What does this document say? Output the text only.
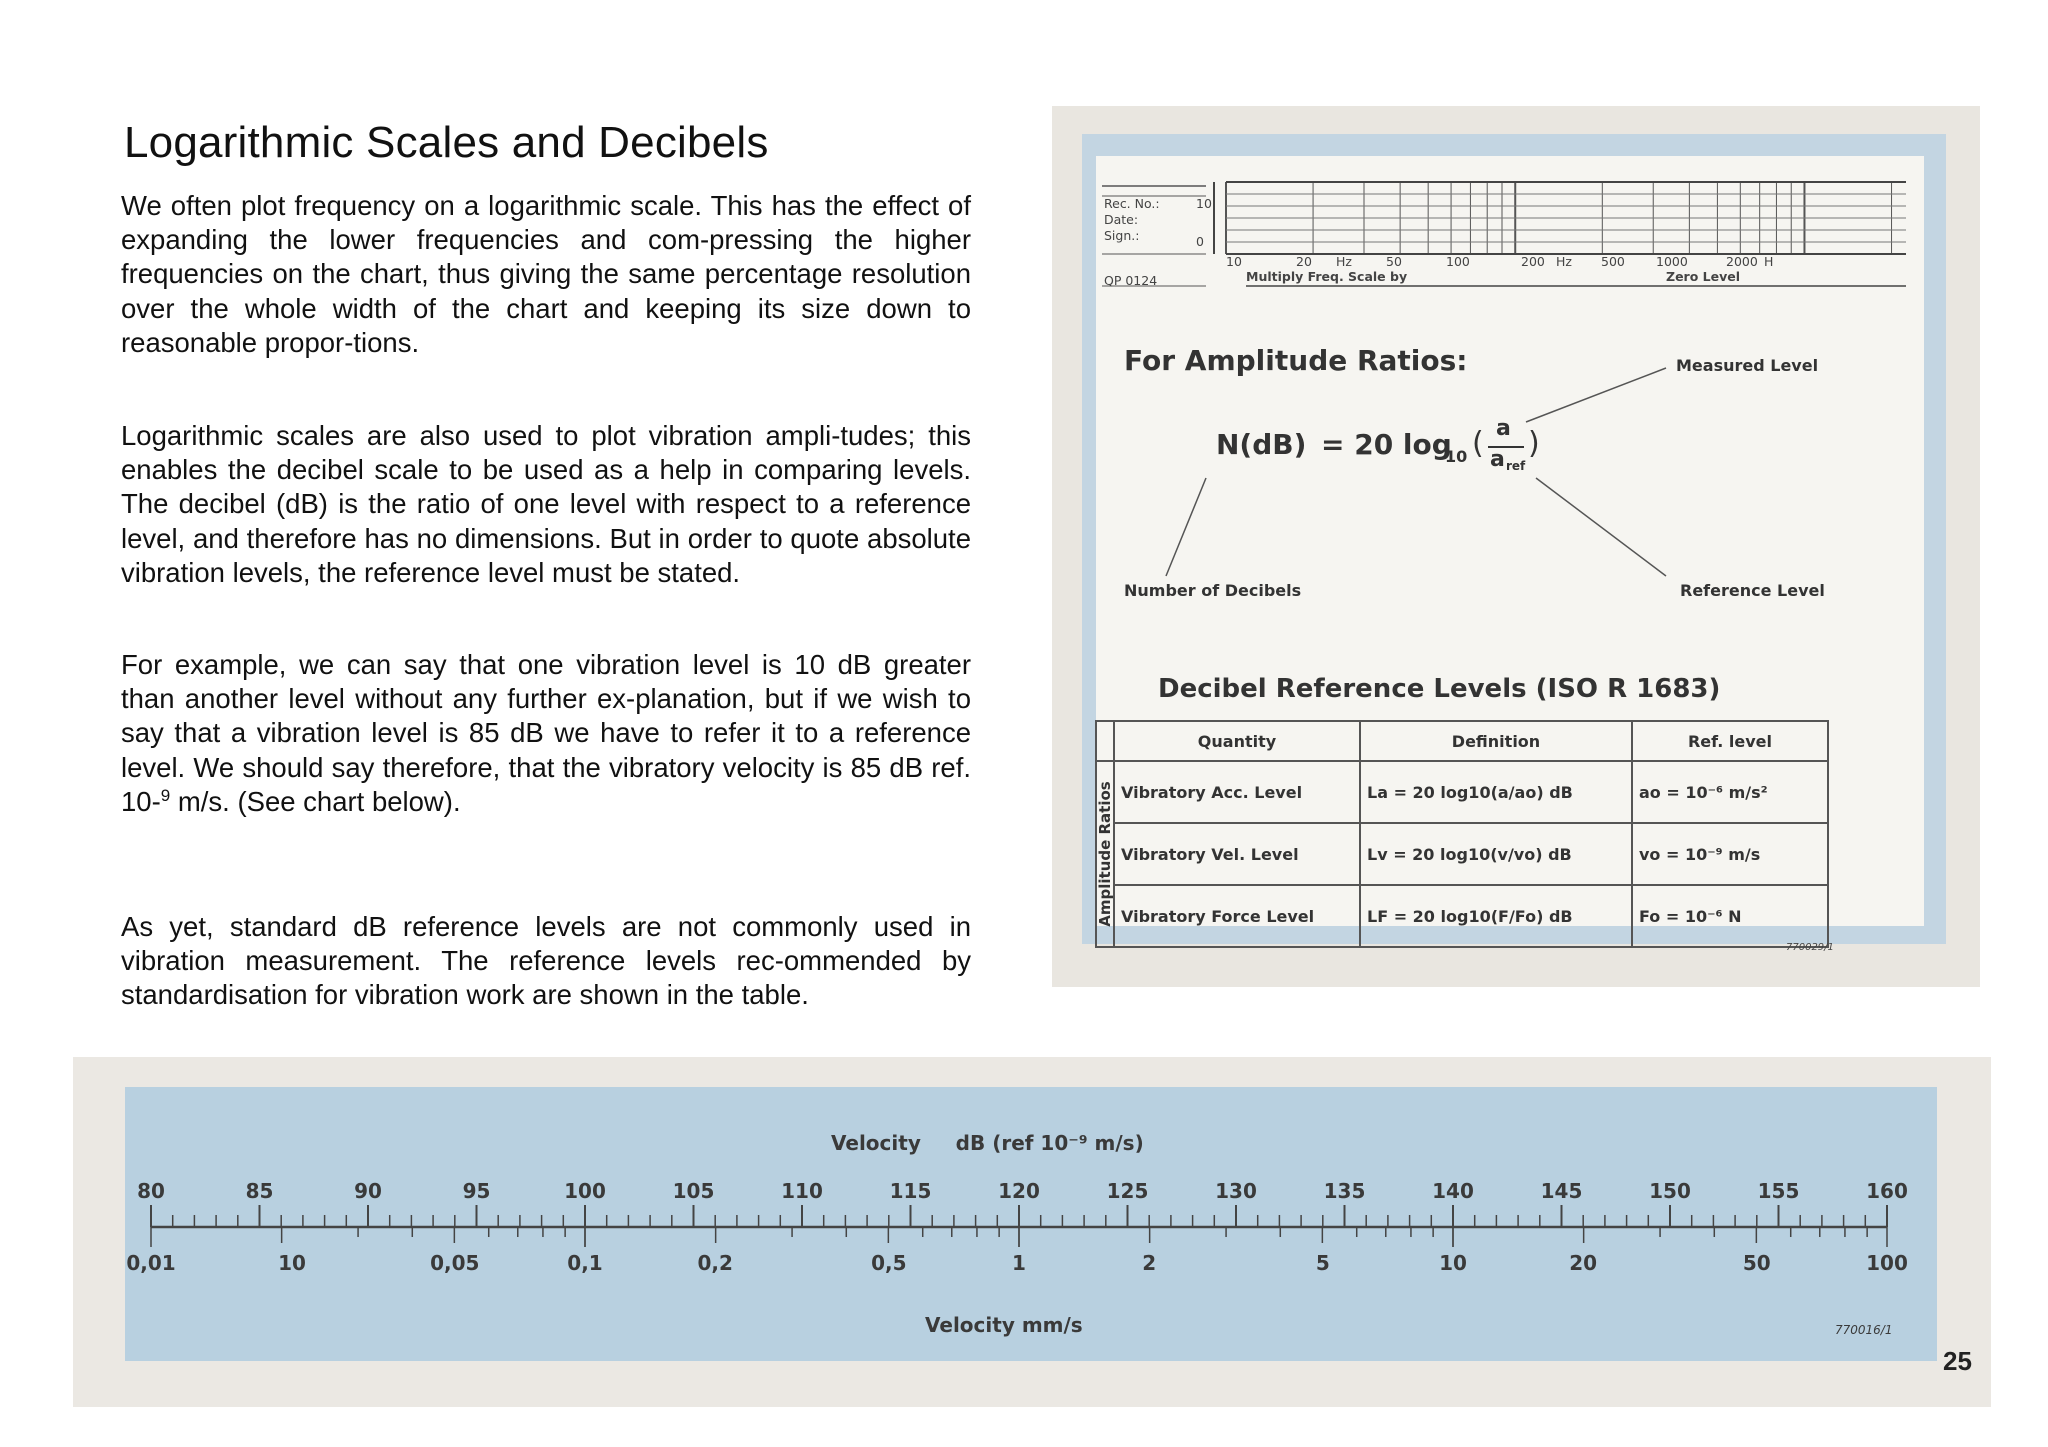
Logarithmic Scales and Decibels

We often plot frequency on a logarithmic scale. This has the effect of expanding the lower frequencies and com-pressing the higher frequencies on the chart, thus giving the same percentage resolution over the whole width of the chart and keeping its size down to reasonable propor-tions.

Logarithmic scales are also used to plot vibration ampli-tudes; this enables the decibel scale to be used as a help in comparing levels. The decibel (dB) is the ratio of one level with respect to a reference level, and therefore has no dimensions. But in order to quote absolute vibration levels, the reference level must be stated.

For example, we can say that one vibration level is 10 dB greater than another level without any further ex-planation, but if we wish to say that a vibration level is 85 dB we have to refer it to a reference level. We should say therefore, that the vibratory velocity is 85 dB ref. 10-$^9$ m/s. (See chart below).

As yet, standard dB reference levels are not commonly used in vibration measurement. The reference levels rec-ommended by standardisation for vibration work are shown in the table.

Rec. No.:
Date:
Sign.:
10
0
10	20 Hz	50	100	200 Hz 500 1000	2000 H
QP 0124	Multiply Freq. Scale by	Zero Level
For Amplitude Ratios:	Measured Level
N(dB) = 20 log
10 ( a
a ref
)
Number of Decibels	Reference Level
Decibel Reference Levels (ISO R 1683)
	Quantity	Definition	Ref. level

Amplitude Ratios	Vibratory Acc. Level	La = 20 log10(a/ao) dB	ao = 10⁻⁶ m/s²
	Vibratory Vel. Level	Lv = 20 log10(v/vo) dB	vo = 10⁻⁹ m/s
	Vibratory Force Level	LF = 20 log10(F/Fo) dB	Fo = 10⁻⁶ N
770029/1
Velocity     dB (ref 10⁻⁹ m/s)
80	85	90	95	100	105	110	115	120	125	130	135	140	145	150	155	160
0,01	10	0,05	0,1	0,2	0,5	1	2	5	10	20	50	100
Velocity mm/s	770016/1
25
